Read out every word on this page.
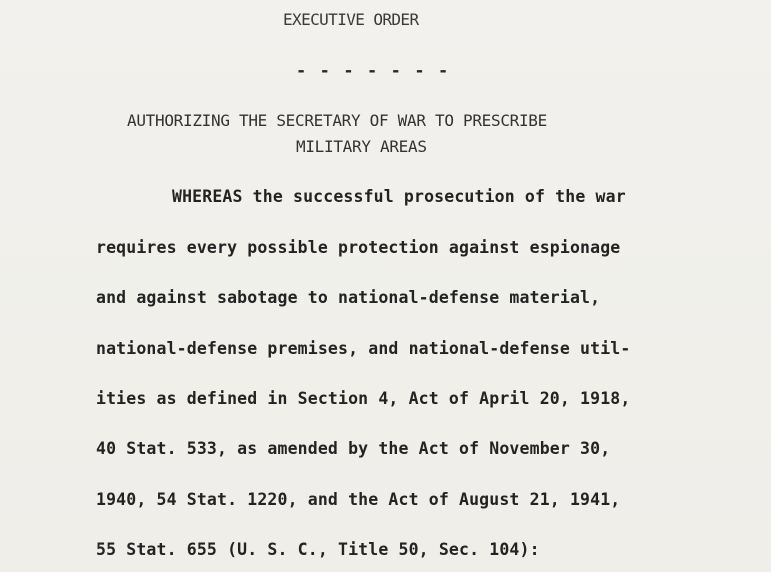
EXECUTIVE ORDER
- - - - - - -
AUTHORIZING THE SECRETARY OF WAR TO PRESCRIBE
MILITARY AREAS
WHEREAS the successful prosecution of the war
requires every possible protection against espionage
and against sabotage to national-defense material,
national-defense premises, and national-defense util-
ities as defined in Section 4, Act of April 20, 1918,
40 Stat. 533, as amended by the Act of November 30,
1940, 54 Stat. 1220, and the Act of August 21, 1941,
55 Stat. 655 (U. S. C., Title 50, Sec. 104):
